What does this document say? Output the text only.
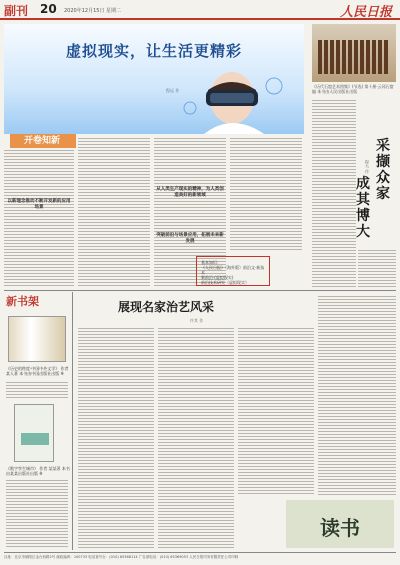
副刊 20 2020年12月15日 星期二	人民日报
虚拟现实，让生活更精彩
程远 作
开卷知新
以新理念推动不断开发新的应用场景
从人类生产现实的精神，为人类创造美好的新领域
突破前沿与场景应用，拓展未来新发展
基本知识：
《人民日报》（海外版）前沿文·新技术
新前沿·(虚拟现实)
前沿技术研究（虚拟现实）
《历代石窟艺术图集》(节选) 第十册·云冈石窟编 本书由人民出版社出版
采撷众家
成其博大
程大 作
新书架
《历史的跨度·中国中外文学》 作者 某人著 本书由中国出版社出版 ※
《数字孪生城市》 作者 某某著 本书由某某出版社出版 ※
展现名家治艺风采
许其 作
读书
社址：北京市朝阳区金台西路2号 邮政编码：100733 电话查号台：(010) 65368114 广告部电话：(010) 65369053 人民日报印务有限责任公司印制
